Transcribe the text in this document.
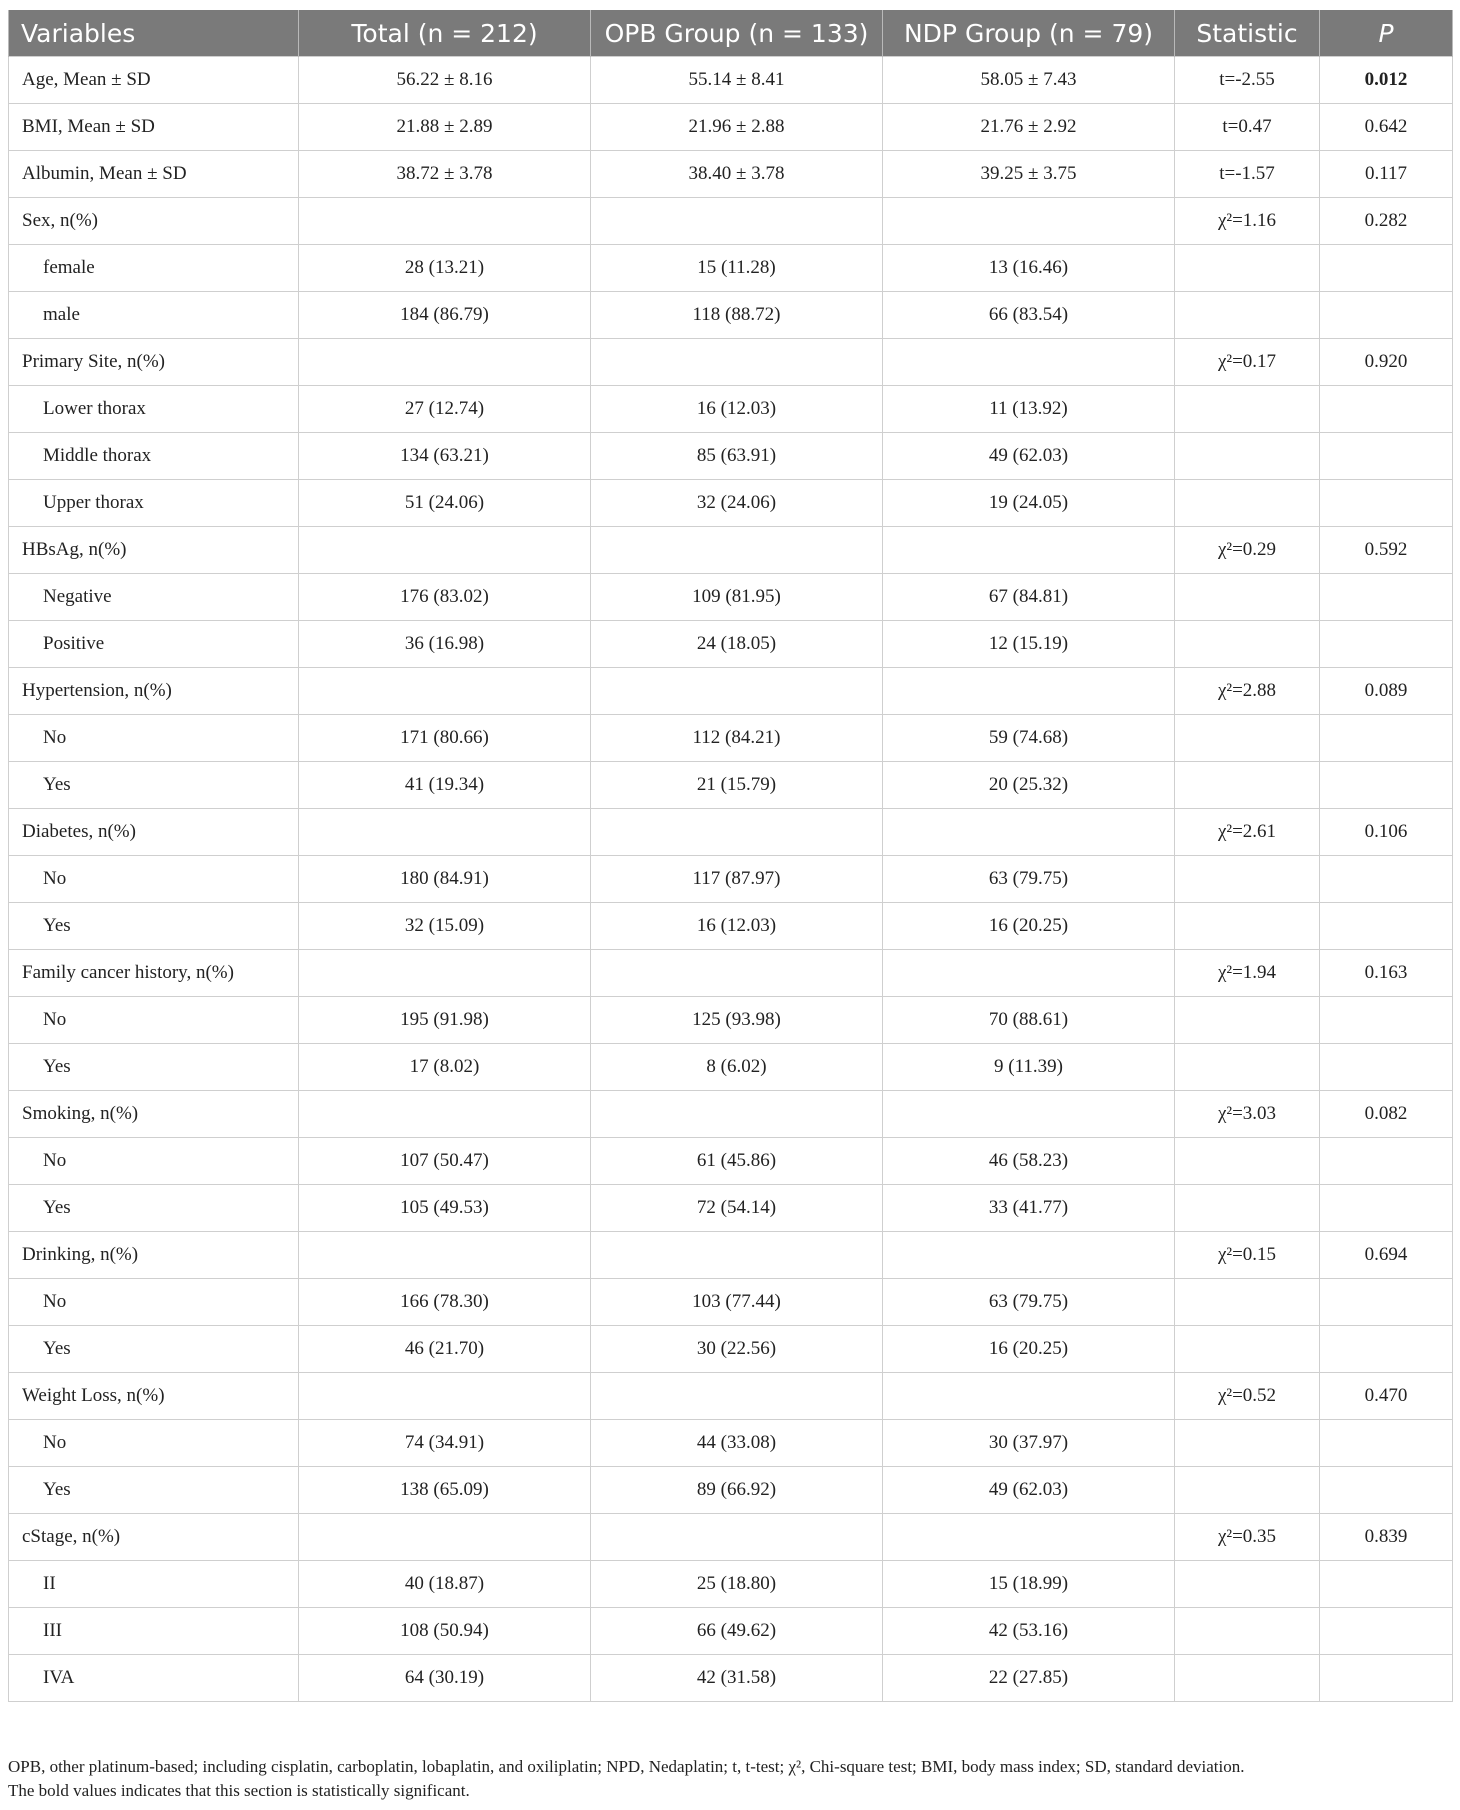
Variables	Total (n = 212)	OPB Group (n = 133)	NDP Group (n = 79)	Statistic	P
Age, Mean ± SD	56.22 ± 8.16	55.14 ± 8.41	58.05 ± 7.43	t=-2.55	0.012
BMI, Mean ± SD	21.88 ± 2.89	21.96 ± 2.88	21.76 ± 2.92	t=0.47	0.642
Albumin, Mean ± SD	38.72 ± 3.78	38.40 ± 3.78	39.25 ± 3.75	t=-1.57	0.117
Sex, n(%)				χ²=1.16	0.282
female	28 (13.21)	15 (11.28)	13 (16.46)		
male	184 (86.79)	118 (88.72)	66 (83.54)		
Primary Site, n(%)				χ²=0.17	0.920
Lower thorax	27 (12.74)	16 (12.03)	11 (13.92)		
Middle thorax	134 (63.21)	85 (63.91)	49 (62.03)		
Upper thorax	51 (24.06)	32 (24.06)	19 (24.05)		
HBsAg, n(%)				χ²=0.29	0.592
Negative	176 (83.02)	109 (81.95)	67 (84.81)		
Positive	36 (16.98)	24 (18.05)	12 (15.19)		
Hypertension, n(%)				χ²=2.88	0.089
No	171 (80.66)	112 (84.21)	59 (74.68)		
Yes	41 (19.34)	21 (15.79)	20 (25.32)		
Diabetes, n(%)				χ²=2.61	0.106
No	180 (84.91)	117 (87.97)	63 (79.75)		
Yes	32 (15.09)	16 (12.03)	16 (20.25)		
Family cancer history, n(%)				χ²=1.94	0.163
No	195 (91.98)	125 (93.98)	70 (88.61)		
Yes	17 (8.02)	8 (6.02)	9 (11.39)		
Smoking, n(%)				χ²=3.03	0.082
No	107 (50.47)	61 (45.86)	46 (58.23)		
Yes	105 (49.53)	72 (54.14)	33 (41.77)		
Drinking, n(%)				χ²=0.15	0.694
No	166 (78.30)	103 (77.44)	63 (79.75)		
Yes	46 (21.70)	30 (22.56)	16 (20.25)		
Weight Loss, n(%)				χ²=0.52	0.470
No	74 (34.91)	44 (33.08)	30 (37.97)		
Yes	138 (65.09)	89 (66.92)	49 (62.03)		
cStage, n(%)				χ²=0.35	0.839
II	40 (18.87)	25 (18.80)	15 (18.99)		
III	108 (50.94)	66 (49.62)	42 (53.16)		
IVA	64 (30.19)	42 (31.58)	22 (27.85)		
OPB, other platinum-based; including cisplatin, carboplatin, lobaplatin, and oxiliplatin; NPD, Nedaplatin; t, t-test; χ², Chi-square test; BMI, body mass index; SD, standard deviation.
The bold values indicates that this section is statistically significant.
